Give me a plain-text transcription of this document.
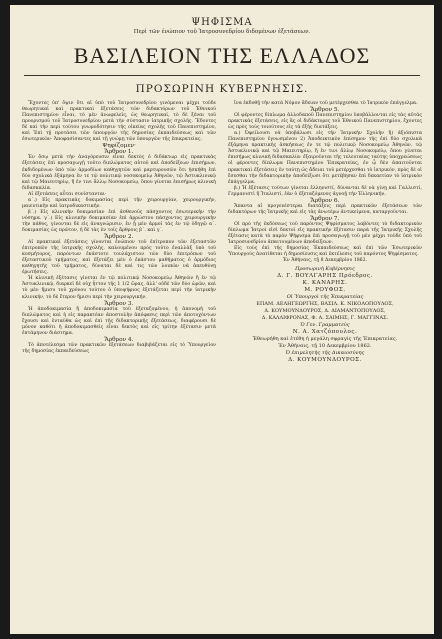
ΨΗΦΙΣΜΑ
Περὶ τῶν ἐνώπιον τοῦ Ἰατροσυνεδρίου διδομένων ἐξετάσεων.
ΒΑΣΙΛΕΙΟΝ ΤΗΣ ΕΛΛΑΔΟΣ
ΠΡΟΣΩΡΙΝΗ ΚΥΒΕΡΝΗΣΙΣ.

Ἔχοντες ὑπ' ὄψιν ὅτι αἱ ὑπὸ τοῦ Ἰατροσυνεδρίου γινόμεναι μέχρι τοῦδε θεωρητικαὶ καὶ πρακτικαὶ ἐξετάσεις τῶν διδακτόρων τοῦ Ἐθνικοῦ Πανεπιστημίου εἶναι, τὸ μὲν ἀνωφελεῖς, ὡς θεωρητικαί, τὸ δὲ ξέναι τοῦ προορισμοῦ τοῦ Ἰατροσυνεδρίου μετὰ τὴν σύστασιν ἰατρικῆς σχολῆς. Ἔδοντες δὲ καὶ τὴν περὶ τούτου γνωμοδότησιν τῆς οἰκείας σχολῆς τοῦ Πανεπιστημίου, καὶ Ἐπὶ τῇ προτάσει τῶν ὑπουργῶν τῆς δημοσίας ἐκπαιδεύσεως καὶ τῶν ἐσωτερικῶν· Ἀποφασίσαντες καὶ τῇ γνώμῃ τῶν ὑπουργῶν τῆς ἐπικρατείας.

Ψηφίζομεν·

Ἄρθρον 1.

Ἐν ὅσῳ μετὰ τὴν ἀναγόρευσιν εἶναι δεκτὸς ὁ διδάκτωρ εἰς πρακτικὰς ἐξετάσεις ἐπὶ προσαγωγῇ τοῦτο διπλώματος αὐτοῦ καὶ ἀποδείξεων ἐπισήμων, ἐκδιδομένων ὑπὸ τῶν ἁρμοδίων καθηγητῶν καὶ μαρτυρουσῶν ὅτι ἠσκήθη ἐπὶ δύο σχολικὰ ἑξάμηνα ἐν τε τῷ πολιτικῷ νοσοκομείῳ Ἀθηνῶν, τῷ Ἀστυκλινικῷ καὶ τῷ Μαιευτηρίῳ, ἢ ἐν τινι ἄλλῳ Νοσοκομείῳ, ὅπου γίνεται ἐπισήμως κλινικὴ διδασκαλία.

Αἱ ἐξετάσεις αὗται συνίστανται·

α΄.) Εἰς πρακτικὰς δοκιμασίας περὶ τῆν χειρουργίαν, χειρουργικήν, μαιευτικὴν καὶ ἰατροδικαστικήν.

β΄.) Εἰς κλινικὴν δοκιμασίαν ἐπὶ ἀσθενοῦς πάσχοντος ἐσωτερικὴν τὴν νόσημα. γ΄.) Εἰς κλινικὴν δοκιμασίαν ἐπὶ ἀρρώστου πάσχοντος χειρουργικὴν τὴν πάθος, γίνονται δὲ εἰς ἀναγνώρισιν, ἐν ᾗ μὲν ἀρμοῖ τὰς ἐν τῷ ὀδηγῷ α΄. δοκιμασίας ὡς πρῶτον, ἡ δὲ τὰς ἐν τοῖς ἄρθροις β΄. καὶ γ΄.

Ἄρθρον 2.

Αἱ πρακτικαὶ ἐξετάσεις γίνονται ἐνώπιον τοῦ ἐπίτροπον τῶν ἐξεταστῶν ἐπιτροπῶν τῆς ἰατρικῆς σχολῆς, καλουμένου πρὸς τοῦτο ἐναλλὰξ ὑπὸ τοῦ κοσμήτορος, παρόντων ἐκάστοτε τουλάχιστον τῶν δύο ἐπιτρόπων τοῦ ἐξεταστικοῦ τμήματος, καὶ ἐξετάζει μὲν ὁ ἐκάστου μαθήματος ὁ ἁρμόδιος καθηγητὴς τοῦ τμήματος, δύναται δὲ καὶ τις τῶν λοιπῶν νὰ ἀπευθύνῃ ἐρωτήσεις.

Ἡ κλινικὴ ἐξέτασις γίνεται ἐν τῷ πολιτικῷ Νοσοκομείῳ Ἀθηνῶν ἢ ἐν τῷ Ἀστυκλινικῷ, διαρκεῖ δὲ οὐχ ἧττον τῆς 1 1/2 ὥρας, ἀλλ' οὐδὲ τῶν δύο ὡρῶν, καὶ τὸ μὲν ἥμισυ τοῦ χρόνου τούτου ὁ ὑποψήφιος ἐξετάζεται περὶ τὴν ἰατρικὴν κλινικήν, τὸ δὲ ἕτερον ἥμισυ περὶ τὴν χειρουργικήν.

Ἄρθρον 3.

Ἡ ἀποδοκιμασία ἢ ἀποδοκιμασία τοῦ ἐξεταζομένου, ἡ ἀπονομὴ τοῦ διπλώματος καὶ ἡ εἰς παρακτέαν ἀποστολὴν ἀπόφασις περὶ τῶν ἀποτυχόντων ἔχουσι καὶ ἐνταῦθα ὡς καὶ ἐπὶ τῆς διδακτορικῆς ἐξετάσεως, διαφέρουσι δὲ μόνον καθότι ἡ ἀποδοκιμασθεὶς εἶναι δεκτὸς καὶ εἰς τρίτην ἐξέτασιν μετὰ ἑπτάμηνον διάστημα.

Ἄρθρον 4.

Τὸ ἀποτέλεσμα τῶν πρακτικῶν ἐξετάσεων διαβιβάζεται εἰς τὸ Ὑπουργεῖον τῆς δημοσίας ἐκπαιδεύσεως

ἵνα ἐκδοθῇ τὴν κατὰ Νόμον ἄδειαν τοῦ μετέρχεσθαι τὸ Ἰατρικὸν ἐπάγγελμα.

Ἄρθρον 5.

Οἱ φέροντες δίπλωμα ἀλλοδαποῦ Πανεπιστημίου ὑποβάλλονται εἰς τὰς αὐτὰς πρακτικὰς ἐξετάσεις, εἰς ἃς οἱ διδάκτορες τοῦ Ἐθνικοῦ Πανεπιστημίου, ἔχοντες ὡς πρὸς τοὺς τοιούτους εἰς τὰ ἑξῆς διατάξεις.

α.) Ὀφείλουσι νὰ ὑποβάλωσι εἰς τὴν Ἰατρικὴν Σχολὴν ἢ) ἀξιόπιστα Πανεπιστημίου ἐγνωσμένου 2) Ἀποδεικτικὸν ἐπίσημον τῆς ἐπὶ δύο σχολικὰ ἐξάμηνα πρακτικῆς ἀσκήσεως ἐν τε τῷ πολιτικῷ Νοσοκομείῳ Ἀθηνῶν, τῷ Ἀστυκλινικῷ καὶ τῷ Μαιευτηρίῳ, ἢ ἐν τινι ἄλλῳ Νοσοκομείῳ, ὅπου γίνεται ἐπισήμως κλινικὴ διδασκαλία· ἐξαιροῦνται τῆς τελευταίας ταύτης ὑποχρεώσεως οἱ φέροντες δίπλωμα Πανεπιστημίου Ἐπικρατείας, ἐν ᾧ δὲν ἀπαιτοῦνται πρακτικαὶ ἐξετάσεις ἐν ταύτῃ ὡς ἄδειαι τοῦ μετέρχεσθαι τὸ ἰατρικόν, πρὸς δὲ οἱ ἔσεσθαι τὴν διδακτορικὴν ἀποδείξωσι ὅτι μετέβησαν ἐπὶ δεκαετίαν τὸ ἰατρικὸν ἐπάγγελμα.

β.) Ἡ ἐξέτασις τούτων γίνεται ἑλληνιστί, δύνανται δὲ νὰ γίνῃ καὶ Γαλλιστί, Γερμανιστὶ ἢ Ἰταλιστί, ἐὰν ὁ ἐξεταζόμενος ἀγνοῇ τὴν Ἑλληνικήν.

Ἄρθρον 6.

Ἅπαντα αἱ προγενέστεραι διατάξεις περὶ πρακτικῶν ἐξετάσεων τῶν διδακτόρων τῆς Ἰατρικῆς καὶ εἰς τὰς ἀνωτέρω ἀντικείμενα, καταργοῦνται.

Ἄρθρον 7.

Οἱ πρὸ τῆς ἐκδόσεως τοῦ παρόντος Ψηφίσματος λαβόντες τὸ διδακτορικὸν δίπλωμα Ἰατροὶ εἰσὶ δεκτοὶ εἰς πρακτικὴν ἐξέτασιν παρὰ τῆς Ἰατρικῆς Σχολῆς ἐξέτασις κατὰ τὸ παρὸν Ψήφισμα ἐπὶ προσαγωγῇ τοῦ μὲν μέχρι τοῦδε ὑπὸ τοῦ Ἰατροσυνεδρίου ἀπαιτουμένων ἀποδείξεων.

Εἰς τοὺς ἐπὶ τῆς δημοσίας Ἐκπαιδεύσεως καὶ ἐπὶ τῶν Ἐσωτερικῶν Ὑπουργοὺς ἀνατίθεται ἡ δημοσίευσις καὶ ἐκτέλεσις τοῦ παρόντος Ψηφίσματος.

Ἐν Ἀθήναις, τῇ 8 Δεκεμβρίου 1862.

Προσωρινὴ Κυβέρνησις
Δ. Γ. ΒΟΥΛΓΑΡΗΣ Πρόεδρος.
Κ. ΚΑΝΑΡΗΣ.
Μ. ΡΟΥΦΟΣ.
Οἱ Ὑπουργοὶ τῆς Ἐπικρατείας
ΕΠΑΜ. ΔΕΛΗΓΕΩΡΓΗΣ, ΒΑΣΙΛ. Κ. ΝΙΚΟΛΟΠΟΥΛΟΣ,
Δ. ΚΟΥΜΟΥΝΔΟΥΡΟΣ, Δ. ΔΙΑΜΑΝΤΟΠΟΥΛΟΣ,
Δ. ΚΑΛΛΙΦΡΟΝΑΣ, Φ. Α. ΣΑΙΜΗΣ, Γ. ΜΑΓΓΙΝΑΣ.
Ὁ Γεν. Γραμματεὺς
Ν. Α. Χατζόπουλος.
Ἐθεωρήθη καὶ ἐτέθη ἡ μεγάλη σφραγὶς τῆς Ἐπικρατείας.
Ἐν Ἀθήναις, τῇ 10 Δεκεμβρίου 1862.
Ὁ ἐπιμελητὴς τῆς Δικαιοσύνης
Δ. ΚΟΥΜΟΥΝΔΟΥΡΟΣ.
